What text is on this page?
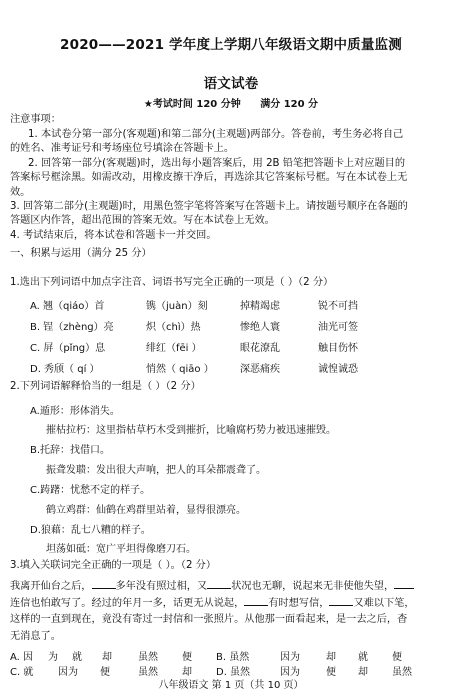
2020——2021 学年度上学期八年级语文期中质量监测
语文试卷
★考试时间 120 分钟 满分 120 分
注意事项：
1. 本试卷分第一部分(客观题)和第二部分(主观题)两部分。答卷前，考生务必将自己
的姓名、准考证号和考场座位号填涂在答题卡上。
2. 回答第一部分(客观题)时，选出每小题答案后，用 2B 铅笔把答题卡上对应题目的
答案标号框涂黑。如需改动，用橡皮擦干净后，再选涂其它答案标号框。写在本试卷上无
效。
3. 回答第二部分(主观题)时，用黑色签字笔将答案写在答题卡上。请按题号顺序在各题的
答题区内作答，超出范围的答案无效。写在本试卷上无效。
4. 考试结束后，将本试卷和答题卡一并交回。
一、积累与运用（满分 25 分）
1.选出下列词语中加点字注音、词语书写完全正确的一项是（ ）（2 分）
A. 翘（qiáo）首	镌（juàn）刻	掉精竭虑	锐不可挡
B. 锃（zhèng）亮	炽（chì）热	惨绝人寰	油光可签
C. 屏（pǐng）息	绯红（fēi ）	眼花潦乱	触目伤怀
D. 秀颀（ qí ）	悄然（ qiāo ）	深恶痛疾	诚惶诚恐
2.下列词语解释恰当的一组是（ ）（2 分）
A.遁形：形体消失。
摧枯拉朽：这里指枯草朽木受到摧折，比喻腐朽势力被迅速摧毁。
B.托辞：找借口。
振聋发聩：发出很大声响，把人的耳朵都震聋了。
C.踌躇：忧愁不定的样子。
鹤立鸡群：仙鹤在鸡群里站着，显得很漂亮。
D.狼藉：乱七八糟的样子。
坦荡如砥：宽广平坦得像磨刀石。
3.填入关联词完全正确的一项是（ ）。（2 分）
我离开仙台之后， 多年没有照过相，又 状况也无聊，说起来无非使他失望，
连信也怕敢写了。经过的年月一多，话更无从说起， 有时想写信， 又难以下笔，
这样的一直到现在，竟没有寄过一封信和一张照片。从他那一面看起来，是一去之后，杳
无消息了。
A. 因 为 就 却	虽然 便 B. 虽然	因为	却 就 便
C. 就 因为 便	虽然 却 D. 虽然	因为	便 却 虽然
八年级语文 第 1 页（共 10 页）
